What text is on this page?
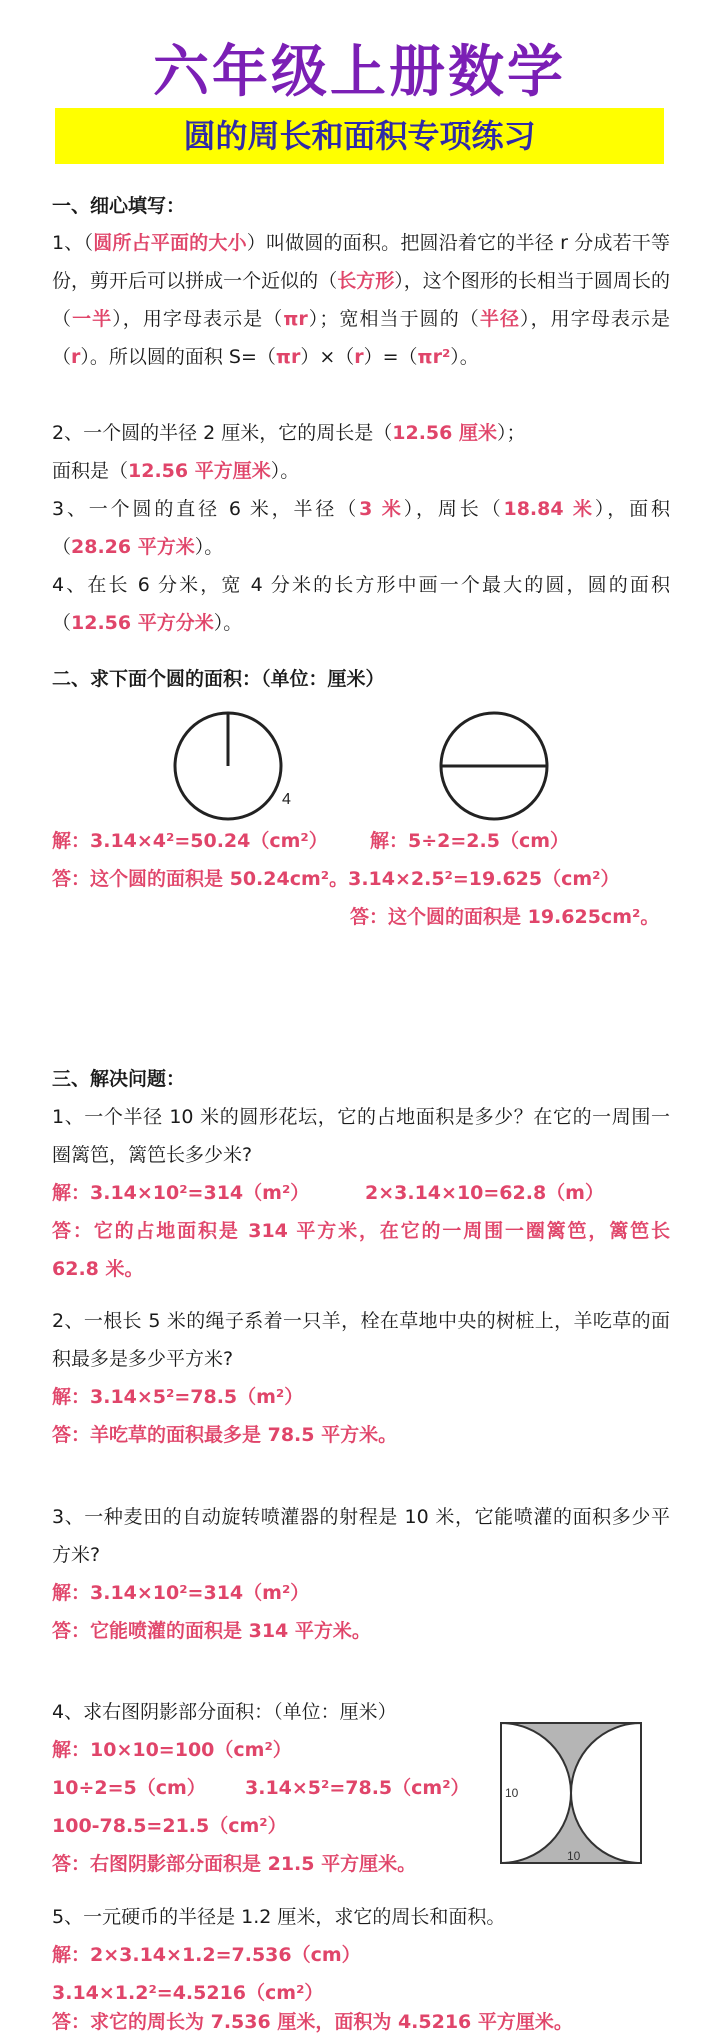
六年级上册数学
圆的周长和面积专项练习
一、细心填写：
1、（圆所占平面的大小）叫做圆的面积。把圆沿着它的半径 r 分成若干等份，剪开后可以拼成一个近似的（长方形），这个图形的长相当于圆周长的（一半），用字母表示是（πr）；宽相当于圆的（半径），用字母表示是（r）。所以圆的面积 S=（πr）×（r）=（πr²）。
2、一个圆的半径 2 厘米，它的周长是（12.56 厘米）；
面积是（12.56 平方厘米）。
3、一个圆的直径 6 米，半径（3 米），周长（18.84 米），面积（28.26 平方米）。
4、在长 6 分米，宽 4 分米的长方形中画一个最大的圆，圆的面积（12.56 平方分米）。
二、求下面个圆的面积：（单位：厘米）
4
解：3.14×4²=50.24（cm²） 解：5÷2=2.5（cm）
答：这个圆的面积是 50.24cm²。3.14×2.5²=19.625（cm²）
答：这个圆的面积是 19.625cm²。
三、解决问题：
1、一个半径 10 米的圆形花坛，它的占地面积是多少？在它的一周围一圈篱笆，篱笆长多少米?
解：3.14×10²=314（m²）	2×3.14×10=62.8（m）
答：它的占地面积是 314 平方米，在它的一周围一圈篱笆，篱笆长 62.8 米。
2、一根长 5 米的绳子系着一只羊，栓在草地中央的树桩上，羊吃草的面积最多是多少平方米?
解：3.14×5²=78.5（m²）
答：羊吃草的面积最多是 78.5 平方米。
3、一种麦田的自动旋转喷灌器的射程是 10 米，它能喷灌的面积多少平方米?
解：3.14×10²=314（m²）
答：它能喷灌的面积是 314 平方米。
4、求右图阴影部分面积：（单位：厘米）
解：10×10=100（cm²）
10÷2=5（cm） 3.14×5²=78.5（cm²）
100-78.5=21.5（cm²）
答：右图阴影部分面积是 21.5 平方厘米。
10
10
5、一元硬币的半径是 1.2 厘米，求它的周长和面积。
解：2×3.14×1.2=7.536（cm）
3.14×1.2²=4.5216（cm²）
答：求它的周长为 7.536 厘米，面积为 4.5216 平方厘米。
